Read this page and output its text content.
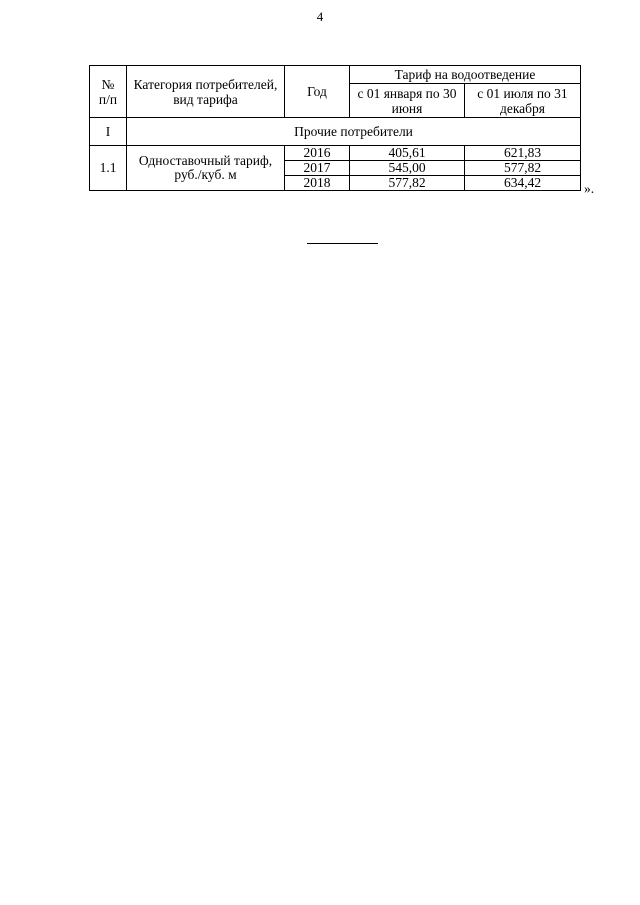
4
№
п/п	Категория потребителей, вид тарифа	Год	Тариф на водоотведение	
			с 01 января по 30 июня	с 01 июля по 31 декабря
I	Прочие потребители			
1.1	Одноставочный тариф, руб./куб. м	2016	405,61	621,83
		2017	545,00	577,82
		2018	577,82	634,42	».
